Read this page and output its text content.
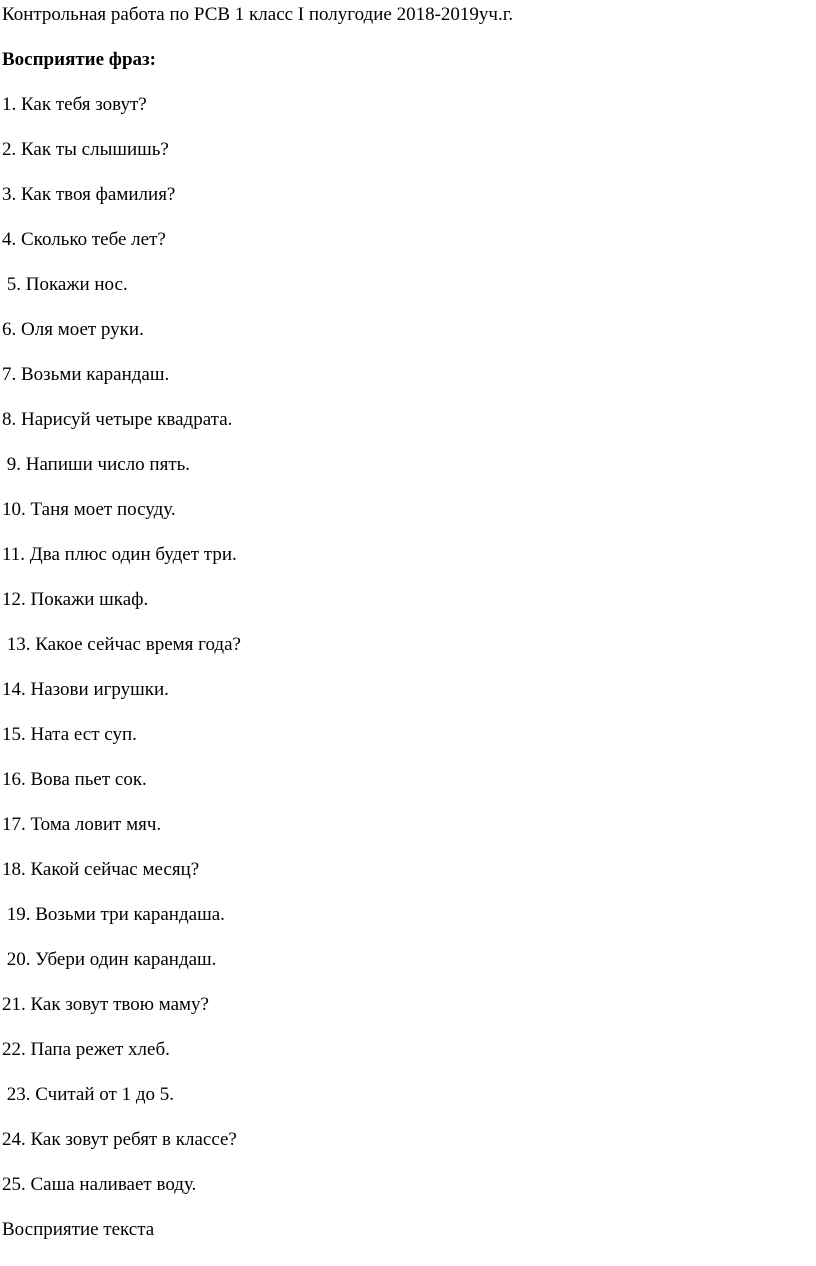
Контрольная работа по РСВ 1 класс I полугодие 2018-2019уч.г.
Восприятие фраз:
1. Как тебя зовут?
2. Как ты слышишь?
3. Как твоя фамилия?
4. Сколько тебе лет?
5. Покажи нос.
6. Оля моет руки.
7. Возьми карандаш.
8. Нарисуй четыре квадрата.
9. Напиши число пять.
10. Таня моет посуду.
11. Два плюс один будет три.
12. Покажи шкаф.
13. Какое сейчас время года?
14. Назови игрушки.
15. Ната ест суп.
16. Вова пьет сок.
17. Тома ловит мяч.
18. Какой сейчас месяц?
19. Возьми три карандаша.
20. Убери один карандаш.
21. Как зовут твою маму?
22. Папа режет хлеб.
23. Считай от 1 до 5.
24. Как зовут ребят в классе?
25. Саша наливает воду.
Восприятие текста
